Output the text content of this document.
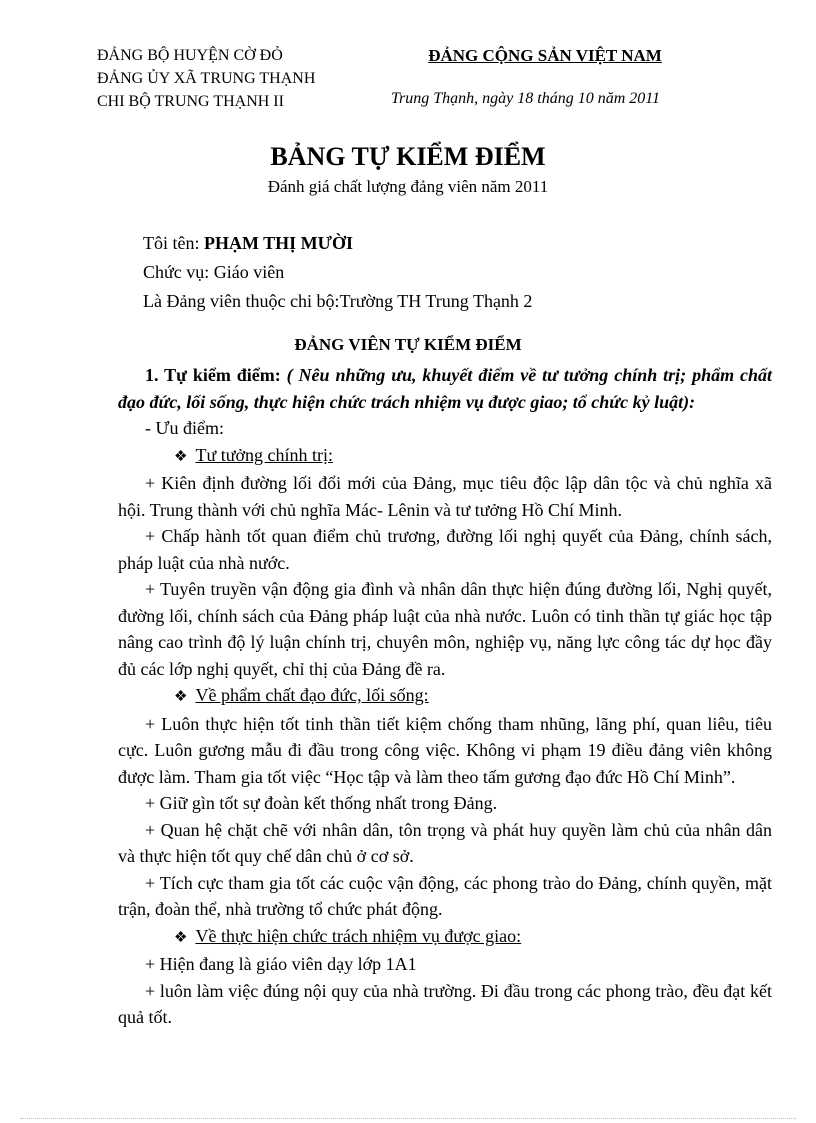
ĐẢNG BỘ HUYỆN CỜ ĐỎ
ĐẢNG ỦY XÃ TRUNG THẠNH
CHI BỘ TRUNG THẠNH II
ĐẢNG CỘNG SẢN VIỆT NAM
Trung Thạnh, ngày 18 tháng 10 năm 2011
BẢNG TỰ KIỂM ĐIỂM
Đánh giá chất lượng đảng viên năm 2011
Tôi tên: PHẠM THỊ MƯỜI
Chức vụ: Giáo viên
Là Đảng viên thuộc chi bộ:Trường TH Trung Thạnh 2
ĐẢNG VIÊN TỰ KIỂM ĐIỂM

1. Tự kiểm điểm: ( Nêu những ưu, khuyết điểm về tư tưởng chính trị; phẩm chất đạo đức, lối sống, thực hiện chức trách nhiệm vụ được giao; tổ chức kỷ luật):

- Ưu điểm:

❖ Tư tưởng chính trị:

+ Kiên định đường lối đổi mới của Đảng, mục tiêu độc lập dân tộc và chủ nghĩa xã hội. Trung thành với chủ nghĩa Mác- Lênin và tư tưởng Hồ Chí Minh.

+ Chấp hành tốt quan điểm chủ trương, đường lối nghị quyết của Đảng, chính sách, pháp luật của nhà nước.

+ Tuyên truyền vận động gia đình và nhân dân thực hiện đúng đường lối, Nghị quyết, đường lối, chính sách của Đảng pháp luật của nhà nước. Luôn có tinh thần tự giác học tập nâng cao trình độ lý luận chính trị, chuyên môn, nghiệp vụ, năng lực công tác dự học đầy đủ các lớp nghị quyết, chỉ thị của Đảng đề ra.

❖ Về phẩm chất đạo đức, lối sống:

+ Luôn thực hiện tốt tinh thần tiết kiệm chống tham nhũng, lãng phí, quan liêu, tiêu cực. Luôn gương mẫu đi đầu trong công việc. Không vi phạm 19 điều đảng viên không được làm. Tham gia tốt việc “Học tập và làm theo tấm gương đạo đức Hồ Chí Minh”.

+ Giữ gìn tốt sự đoàn kết thống nhất trong Đảng.

+ Quan hệ chặt chẽ với nhân dân, tôn trọng và phát huy quyền làm chủ của nhân dân và thực hiện tốt quy chế dân chủ ở cơ sở.

+ Tích cực tham gia tốt các cuộc vận động, các phong trào do Đảng, chính quyền, mặt trận, đoàn thể, nhà trường tổ chức phát động.

❖ Về thực hiện chức trách nhiệm vụ được giao:

+ Hiện đang là giáo viên dạy lớp 1A1

+ luôn làm việc đúng nội quy của nhà trường. Đi đầu trong các phong trào, đều đạt kết quả tốt.
